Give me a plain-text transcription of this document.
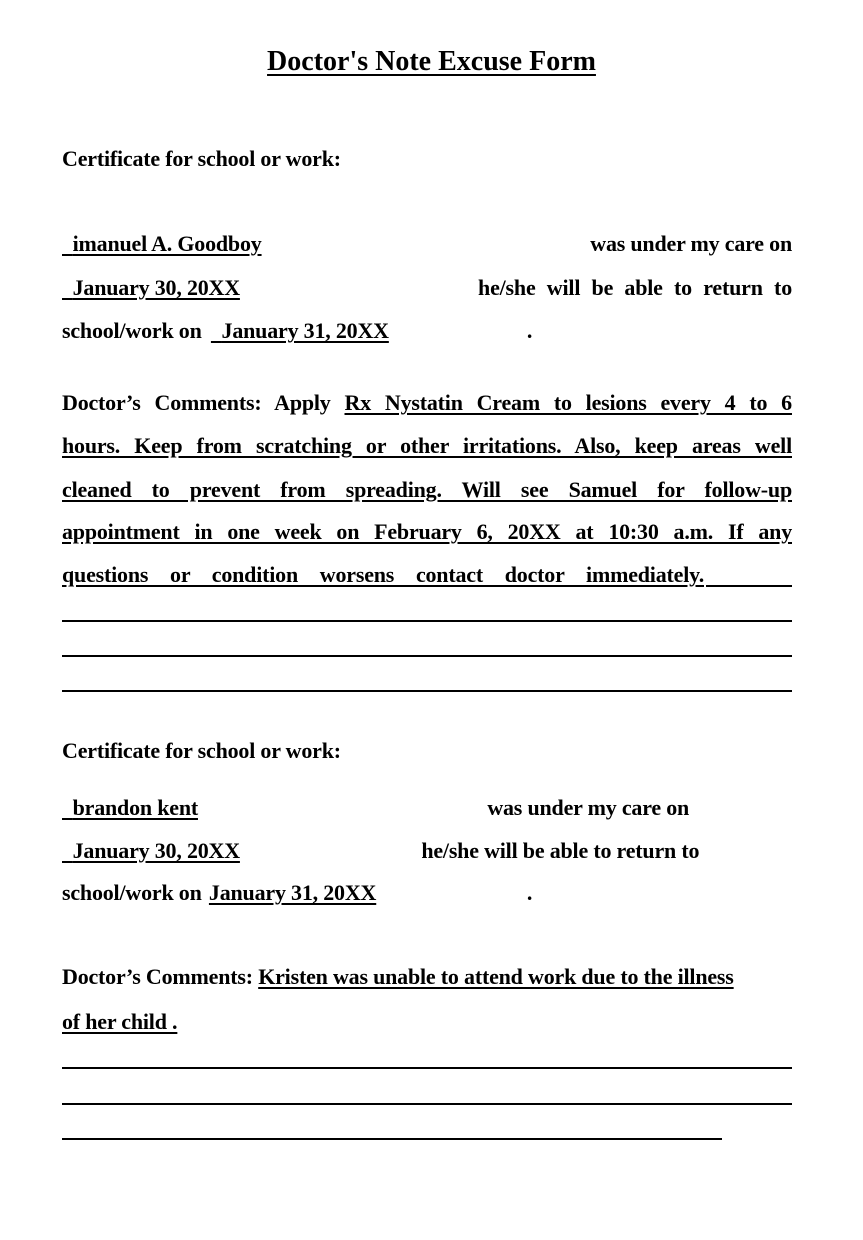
Doctor's Note Excuse Form
Certificate for school or work:
imanuel A. Goodboy	was under my care on
January 30, 20XX	he/she will be able to return to
school/work on January 31, 20XX	.
Doctor’s Comments: Apply Rx Nystatin Cream to lesions every 4 to 6
hours. Keep from scratching or other irritations. Also, keep areas well
cleaned to prevent from spreading. Will see Samuel for follow-up
appointment in one week on February 6, 20XX at 10:30 a.m. If any
questions or condition worsens contact doctor immediately.
Certificate for school or work:
brandon kent	was under my care on
January 30, 20XX	he/she will be able to return to
school/work on January 31, 20XX	.
Doctor’s Comments: Kristen was unable to attend work due to the illness
of her child .
